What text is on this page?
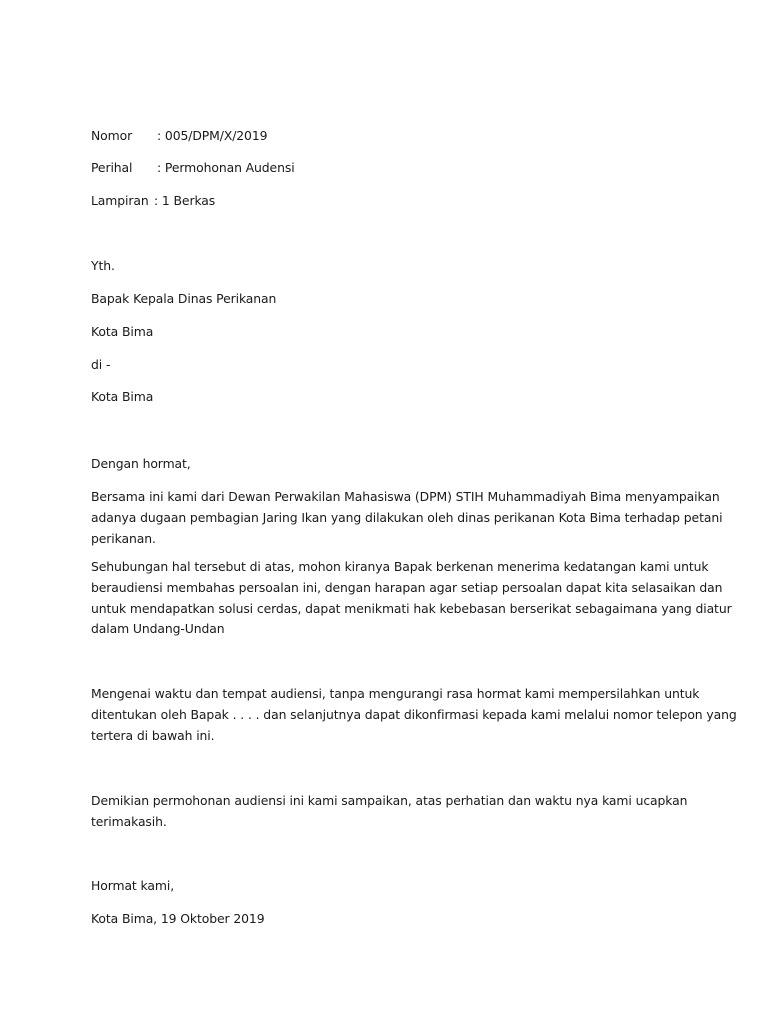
Nomor : 005/DPM/X/2019
Perihal : Permohonan Audensi
Lampiran : 1 Berkas
Yth.
Bapak Kepala Dinas Perikanan
Kota Bima
di -
Kota Bima
Dengan hormat,
Bersama ini kami dari Dewan Perwakilan Mahasiswa (DPM) STIH Muhammadiyah Bima menyampaikan
adanya dugaan pembagian Jaring Ikan yang dilakukan oleh dinas perikanan Kota Bima terhadap petani
perikanan.
Sehubungan hal tersebut di atas, mohon kiranya Bapak berkenan menerima kedatangan kami untuk
beraudiensi membahas persoalan ini, dengan harapan agar setiap persoalan dapat kita selasaikan dan
untuk mendapatkan solusi cerdas, dapat menikmati hak kebebasan berserikat sebagaimana yang diatur
dalam Undang-Undan
Mengenai waktu dan tempat audiensi, tanpa mengurangi rasa hormat kami mempersilahkan untuk
ditentukan oleh Bapak . . . . dan selanjutnya dapat dikonfirmasi kepada kami melalui nomor telepon yang
tertera di bawah ini.
Demikian permohonan audiensi ini kami sampaikan, atas perhatian dan waktu nya kami ucapkan
terimakasih.
Hormat kami,
Kota Bima, 19 Oktober 2019
